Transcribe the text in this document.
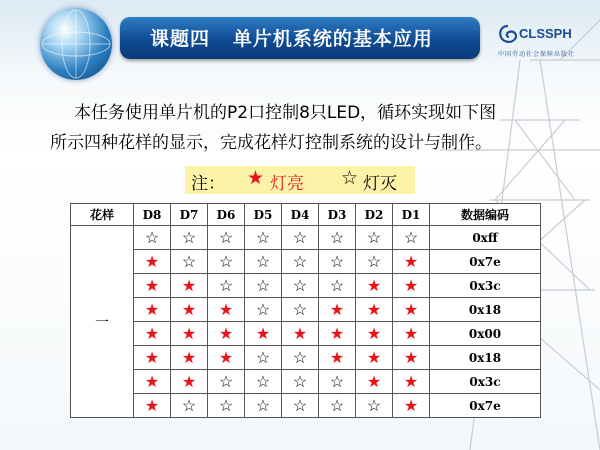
课题四   单片机系统的基本应用	CLSSPH
中国劳动社会保障出版社
本任务使用单片机的P2口控制8只LED，循环实现如下图
所示四种花样的显示，完成花样灯控制系统的设计与制作。
注： ★ 灯亮 ☆ 灯灭
花样	D8	D7	D6	D5	D4	D3	D2	D1	数据编码
一	☆	☆	☆	☆	☆	☆	☆	☆	0xff
	★	☆	☆	☆	☆	☆	☆	★	0x7e
	★	★	☆	☆	☆	☆	★	★	0x3c
	★	★	★	☆	☆	★	★	★	0x18
	★	★	★	★	★	★	★	★	0x00
	★	★	★	☆	☆	★	★	★	0x18
	★	★	☆	☆	☆	☆	★	★	0x3c
	★	☆	☆	☆	☆	☆	☆	★	0x7e
